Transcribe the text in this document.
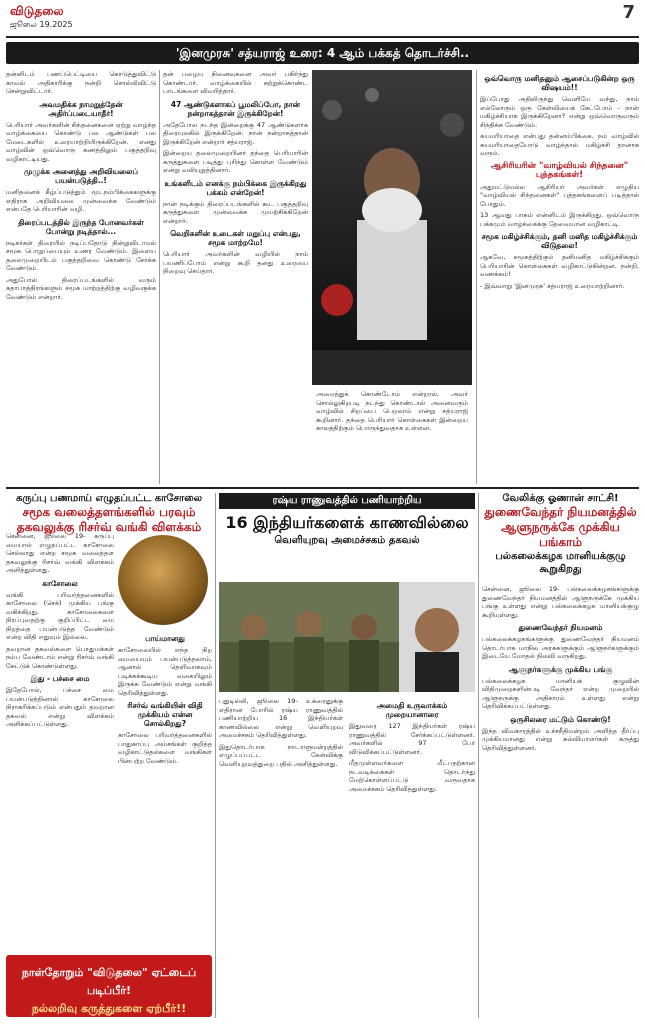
விடுதலை
ஜூலை 19.2025
7
'இனமுரசு' சத்யராஜ் உரை: 4 ஆம் பக்கத் தொடர்ச்சி..

தன்னிடம் பணப்பெட்டியை கொடுத்துவிட்டு காவல் அதிகாரிக்கு நன்றி சொல்லிவிட்டு சென்றுவிட்டார்.

அவமதிக்க நாமறுத்தேன் அதிர்ப்படையாதீர்!

பெரியார் அவர்களின் சிந்தனைகளை ஏற்று வாழ்ந்த வாழ்க்கையை கொண்டு பல ஆண்டுகள் பல மேடைகளில் உரையாற்றியிருக்கிறேன். எனது வாழ்வின் ஒவ்வொரு கணத்திலும் பகுத்தறிவு வழிகாட்டியது.

முழுக்க அனைத்து அறிவியலைப் பயன்படுத்தி..!

மனிதனைக் கீழ்ப்படுத்தும் மூடநம்பிக்கைகளுக்கு எதிராக அறிவியலை முன்வைக்க வேண்டும் என்பதே பெரியாரின் வழி.

திரைப்படத்தில் இருந்த போனவர்கள் போன்று நடித்தால்...

நடிகர்கள் திரையில் நடிப்பதோடு நின்றுவிடாமல் சமூக பொறுப்பையும் உணர வேண்டும். இளைய தலைமுறையிடம் பகுத்தறிவை கொண்டு சேர்க்க வேண்டும்.

அதுபோல் திரைப்படங்களில் வரும் கதாபாத்திரங்களும் சமூக மாற்றத்திற்கு வழிவகுக்க வேண்டும் என்றார்.

தன் பழைய நினைவுகளை அவர் பகிர்ந்து கொண்டார். வாழ்க்கையில் கற்றுக்கொண்ட பாடங்களை விவரித்தார்.

47 ஆண்டுகளாகப் பூமலிப்போ, நான் நன்றாகத்தான் இருக்கிறேன்!

அதேபோல நடந்த இன்றைக்கு 47 ஆண்டுகளாக திரையுலகில் இருக்கிறேன். நான் நன்றாகத்தான் இருக்கிறேன் என்றார் சத்யராஜ்.

இன்றைய தலைமுறையினர் தந்தை பெரியாரின் கருத்துகளை படித்து புரிந்து கொள்ள வேண்டும் என்று வலியுறுத்தினார்.

உங்களிடம் எனக்கு நம்பிக்கை இருக்கிறது பக்கம் என்றேன்!

நான் நடிக்கும் திரைப்படங்களில் கூட பகுத்தறிவு கருத்துகளை முன்வைக்க முயற்சிக்கிறேன் என்றார்.

வெறிகளின் உடைகள் மறுப்பு என்பது, சமூக மாற்றமே!

பெரியார் அவர்களின் வழியில் நாம் பயணிப்போம் என்று கூறி தனது உரையை நிறைவு செய்தார்.

அமைத்துக் கொண்டோம் என்றால், அவர் சொல்லுகிறபடி நடந்து கொண்டால் அனைவரும் வாழ்வில் சிறப்பை பெறலாம் என்று சத்யராஜ் கூறினார். தந்தை பெரியார் கொள்கைகள் இன்றைய காலத்திற்கும் பொருந்துவதாக உள்ளன.
ஒவ்வொரு மனிதனும் ஆசைப்படுகின்ற ஒரு விஷயம்!!

இப்போது அதிலிருந்து வெளியே வந்து, நாம் எல்லோரும் ஒரு கேள்வியைக் கேட்போம் - நான் மகிழ்ச்சியாக இருக்கிறேனா? என்று ஒவ்வொருவரும் சிந்திக்க வேண்டும்.

சுயமரியாதை என்பது தன்னம்பிக்கை. நம் வாழ்வில் சுயமரியாதையோடு வாழ்ந்தால் மகிழ்ச்சி தானாக வரும்.

ஆசிரியரின் "வாழ்வியல் சிந்தனை" புத்தகங்கள்!

அதுமட்டுமல்ல ஆசிரியர் அவர்கள் எழுதிய "வாழ்வியல் சிந்தனைகள்" புத்தகங்களைப் படித்தால் போதும்.

13 ஆவது பாகம் என்னிடம் இருக்கிறது. ஒவ்வொரு பக்கமும் வாழ்க்கைக்கு தேவையான வழிகாட்டி.

சமூக மகிழ்ச்சிக்கும், தனி மனித மகிழ்ச்சிக்கும் விடுதலை!

ஆகவே, சமூகத்திற்கும் தனிமனித மகிழ்ச்சிக்கும் பெரியாரின் கொள்கைகள் வழிகாட்டுகின்றன. நன்றி, வணக்கம்!

- இவ்வாறு 'இனமுரசு' சத்யராஜ் உரையாற்றினார்.

கருப்பு பணமாய் எழுதப்பட்ட காசோலை
சமூக வலைத்தளங்களில் பரவும் தகவலுக்கு ரிசர்வ் வங்கி விளக்கம்

சென்னை, ஜூலை 19- கருப்பு மையால் எழுதப்பட்ட காசோலை செல்லாது என்ற சமூக வலைத்தள தகவலுக்கு ரிசர்வ் வங்கி விளக்கம் அளித்துள்ளது.

காசோலை

வங்கி பரிவர்த்தனைகளில் காசோலை (செக்) முக்கிய பங்கு வகிக்கிறது. காசோலைகளை நிரப்புவதற்கு குறிப்பிட்ட மை நிறத்தை பயன்படுத்த வேண்டும் என்ற விதி எதுவும் இல்லை.

தவறான தகவல்களை பொதுமக்கள் நம்ப வேண்டாம் என்று ரிசர்வ் வங்கி கேட்டுக் கொண்டுள்ளது.

இது - பச்சை மை

இதேபோல், பச்சை மை பயன்படுத்தினால் காசோலை நிராகரிக்கப்படும் என்பதும் தவறான தகவல் என்று விளக்கம் அளிக்கப்பட்டுள்ளது.

பாய்மானது

காசோலையில் எந்த நிற மையையும் பயன்படுத்தலாம், ஆனால் தெளிவாகவும் படிக்கக்கூடிய வகையிலும் இருக்க வேண்டும் என்று வங்கி தெரிவித்துள்ளது.

ரிசர்வ் வங்கியின் விதி முக்கியம் என்ன சொல்கிறது?

காசோலை பரிவர்த்தனைகளில் பாதுகாப்பு அம்சங்கள் குறித்த வழிகாட்டுதல்களை வங்கிகள் பின்பற்ற வேண்டும்.

நாள்தோறும் "விடுதலை" ஏட்டைப் படிப்பீர்!
நல்லறிவு கருத்துகளை ஏற்பீர்!!
ரஷ்ய ராணுவத்தில் பணியாற்றிய
16 இந்தியர்களைக் காணவில்லை
வெளியுறவு அமைச்சகம் தகவல்

புதுடில்லி, ஜூலை 19- உக்ரைனுக்கு எதிரான போரில் ரஷ்ய ராணுவத்தில் பணியாற்றிய 16 இந்தியர்கள் காணவில்லை என்று வெளியுறவு அமைச்சகம் தெரிவித்துள்ளது.

இதுதொடர்பாக நாடாளுமன்றத்தில் எழுப்பப்பட்ட கேள்விக்கு வெளியுறவுத்துறை பதில் அளித்துள்ளது.

அமைதி உருவாக்கம் முறையானாரை

இதுவரை 127 இந்தியர்கள் ரஷ்ய ராணுவத்தில் சேர்க்கப்பட்டுள்ளனர். அவர்களில் 97 பேர் விடுவிக்கப்பட்டுள்ளனர்.

மீதமுள்ளவர்களை மீட்பதற்கான நடவடிக்கைகள் தொடர்ந்து மேற்கொள்ளப்பட்டு வருவதாக அமைச்சகம் தெரிவித்துள்ளது.

வேலிக்கு ஓணான் சாட்சி!
துணைவேந்தர் நியமனத்தில் ஆளுநருக்கே முக்கிய பங்காம்
பல்கலைக்கழக மானியக்குழு கூறுகிறது

சென்னை, ஜூலை 19- பல்கலைக்கழகங்களுக்கு துணைவேந்தர் நியமனத்தில் ஆளுநருக்கே முக்கிய பங்கு உள்ளது என்று பல்கலைக்கழக மானியக்குழு கூறியுள்ளது.

துணைவேந்தர் நியமனம்

பல்கலைக்கழகங்களுக்கு துணைவேந்தர் நியமனம் தொடர்பாக மாநில அரசுகளுக்கும் ஆளுநர்களுக்கும் இடையே மோதல் நிலவி வருகிறது.

ஆளுநர்களுக்கு முக்கிய பங்கு

பல்கலைக்கழக மானியக் குழுவின் விதிமுறைகளின்படி வேந்தர் என்ற முறையில் ஆளுநருக்கு அதிகாரம் உள்ளது என்று தெரிவிக்கப்பட்டுள்ளது.

ஒருசிலரை மட்டும் கொண்டு!

இந்த விவகாரத்தில் உச்சநீதிமன்றம் அளித்த தீர்ப்பு முக்கியமானது என்று கல்வியாளர்கள் கருத்து தெரிவித்துள்ளனர்.
